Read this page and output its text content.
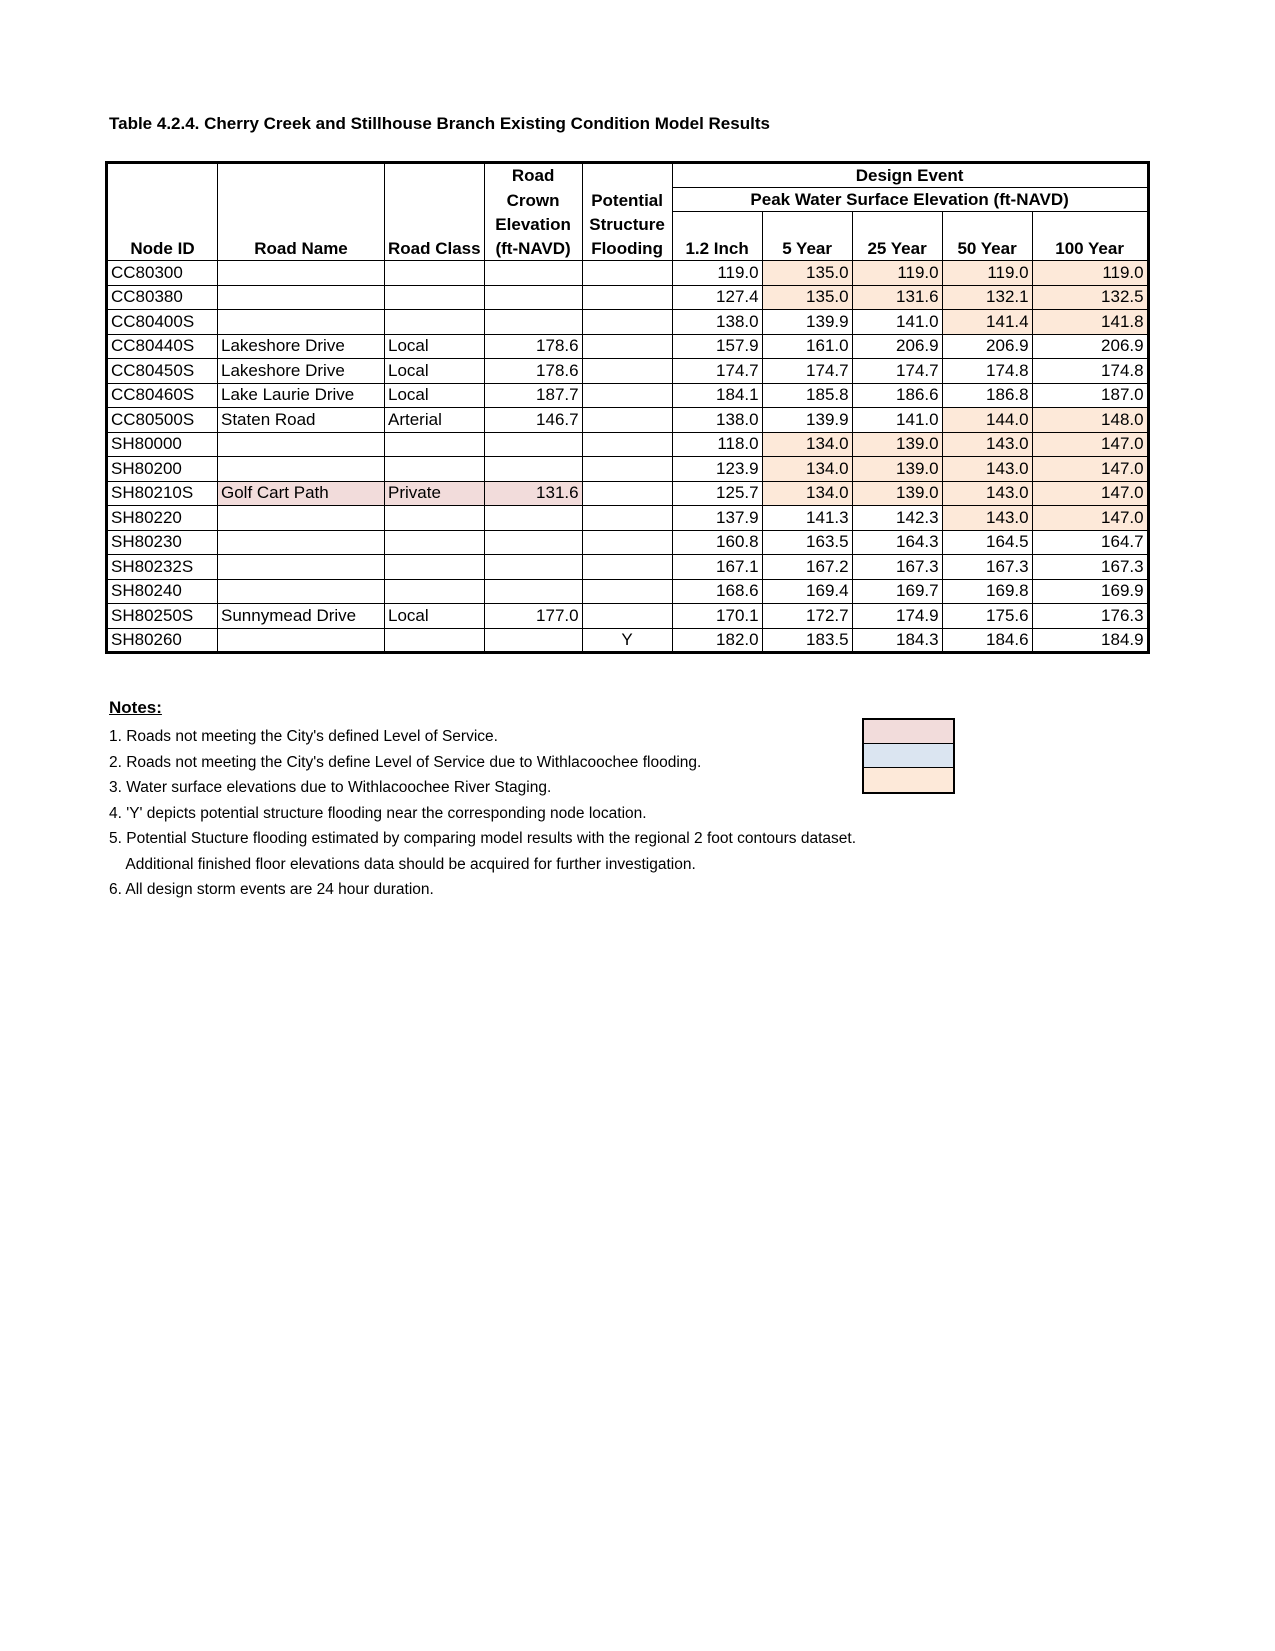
Table 4.2.4. Cherry Creek and Stillhouse Branch Existing Condition Model Results
			Road		Design Event				
			Crown	Potential	Peak Water Surface Elevation (ft-NAVD)				
			Elevation	Structure					
Node ID	Road Name	Road Class	(ft-NAVD)	Flooding	1.2 Inch	5 Year	25 Year	50 Year	100 Year
CC80300					119.0	135.0	119.0	119.0	119.0
CC80380					127.4	135.0	131.6	132.1	132.5
CC80400S					138.0	139.9	141.0	141.4	141.8
CC80440S	Lakeshore Drive	Local	178.6		157.9	161.0	206.9	206.9	206.9
CC80450S	Lakeshore Drive	Local	178.6		174.7	174.7	174.7	174.8	174.8
CC80460S	Lake Laurie Drive	Local	187.7		184.1	185.8	186.6	186.8	187.0
CC80500S	Staten Road	Arterial	146.7		138.0	139.9	141.0	144.0	148.0
SH80000					118.0	134.0	139.0	143.0	147.0
SH80200					123.9	134.0	139.0	143.0	147.0
SH80210S	Golf Cart Path	Private	131.6		125.7	134.0	139.0	143.0	147.0
SH80220					137.9	141.3	142.3	143.0	147.0
SH80230					160.8	163.5	164.3	164.5	164.7
SH80232S					167.1	167.2	167.3	167.3	167.3
SH80240					168.6	169.4	169.7	169.8	169.9
SH80250S	Sunnymead Drive	Local	177.0		170.1	172.7	174.9	175.6	176.3
SH80260				Y	182.0	183.5	184.3	184.6	184.9
Notes:
1. Roads not meeting the City's defined Level of Service.
2. Roads not meeting the City's define Level of Service due to Withlacoochee flooding.
3. Water surface elevations due to Withlacoochee River Staging.
4. 'Y' depicts potential structure flooding near the corresponding node location.
5. Potential Stucture flooding estimated by comparing model results with the regional 2 foot contours dataset.
Additional finished floor elevations data should be acquired for further investigation.
6. All design storm events are 24 hour duration.
